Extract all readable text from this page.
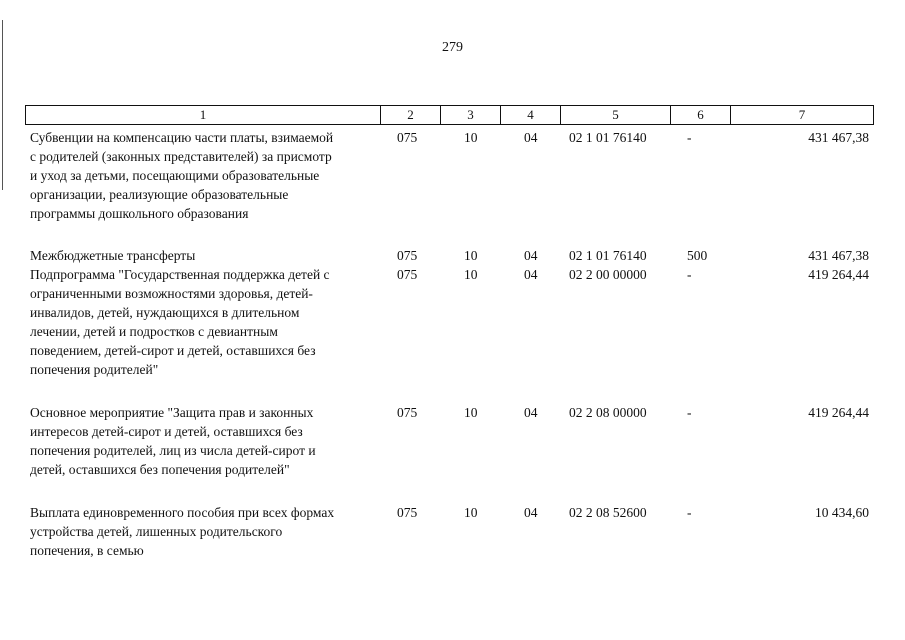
279
1	2	3	4	5	6	7
Субвенции на компенсацию части платы, взимаемой
с родителей (законных представителей) за присмотр
и уход за детьми, посещающими образовательные
организации, реализующие образовательные
программы дошкольного образования
075	10	04 02 1 01 76140	-	431 467,38
Межбюджетные трансферты	075	10	04 02 1 01 76140	500	431 467,38
Подпрограмма "Государственная поддержка детей с
ограниченными возможностями здоровья, детей-
инвалидов, детей, нуждающихся в длительном
лечении, детей и подростков с девиантным
поведением, детей-сирот и детей, оставшихся без
попечения родителей"
075	10	04 02 2 00 00000	-	419 264,44
Основное мероприятие "Защита прав и законных
интересов детей-сирот и детей, оставшихся без
попечения родителей, лиц из числа детей-сирот и
детей, оставшихся без попечения родителей"
075	10	04 02 2 08 00000	-	419 264,44
Выплата единовременного пособия при всех формах
устройства детей, лишенных родительского
попечения, в семью
075	10	04 02 2 08 52600	-	10 434,60
